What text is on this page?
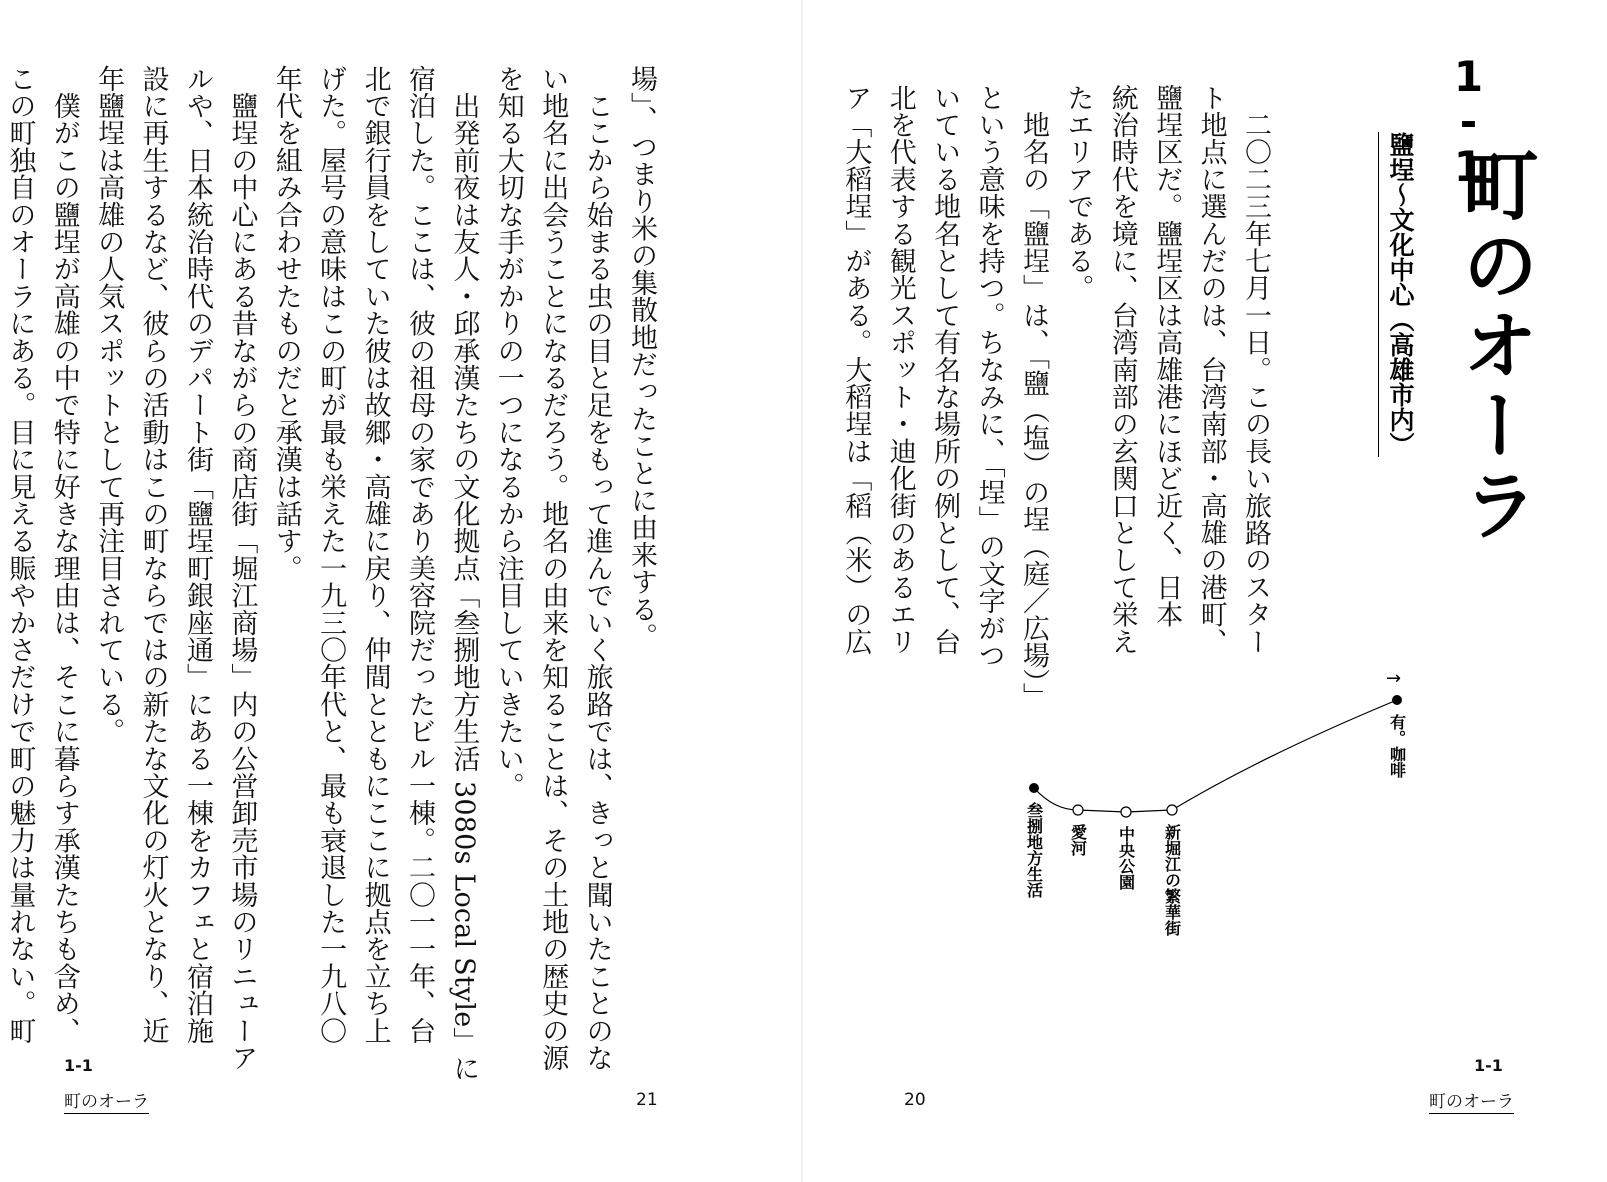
場」、つまり米の集散地だったことに由来する。

　ここから始まる虫の目と足をもって進んでいく旅路では、きっと聞いたことのな

い地名に出会うことになるだろう。地名の由来を知ることは、その土地の歴史の源

を知る大切な手がかりの一つになるから注目していきたい。

　出発前夜は友人・邱承漢たちの文化拠点「叁捌地方生活 3080s Local Style」に

宿泊した。ここは、彼の祖母の家であり美容院だったビル一棟。二〇一一年、台

北で銀行員をしていた彼は故郷・高雄に戻り、仲間とともにここに拠点を立ち上

げた。屋号の意味はこの町が最も栄えた一九三〇年代と、最も衰退した一九八〇

年代を組み合わせたものだと承漢は話す。

　鹽埕の中心にある昔ながらの商店街「堀江商場」内の公営卸売市場のリニューア

ルや、日本統治時代のデパート街「鹽埕町銀座通」にある一棟をカフェと宿泊施

設に再生するなど、彼らの活動はこの町ならではの新たな文化の灯火となり、近

年鹽埕は高雄の人気スポットとして再注目されている。

　僕がこの鹽埕が高雄の中で特に好きな理由は、そこに暮らす承漢たちも含め、

この町独自のオーラにある。目に見える賑やかさだけで町の魅力は量れない。町

1-1
町のオーラ	21
1-1
町のオーラ
鹽埕～文化中心（高雄市内）

　二〇二三年七月一日。この長い旅路のスター

ト地点に選んだのは、台湾南部・高雄の港町、

鹽埕区だ。鹽埕区は高雄港にほど近く、日本

統治時代を境に、台湾南部の玄関口として栄え

たエリアである。

　地名の「鹽埕」は、「鹽（塩）の埕（庭／広場）」

という意味を持つ。ちなみに、「埕」の文字がつ

いている地名として有名な場所の例として、台

北を代表する観光スポット・迪化街のあるエリ

ア「大稻埕」がある。大稻埕は「稻（米）の広

→
叁捌地方生活 愛河 中央公園 新堀江の繁華街
有。咖啡
20
1-1
町のオーラ
